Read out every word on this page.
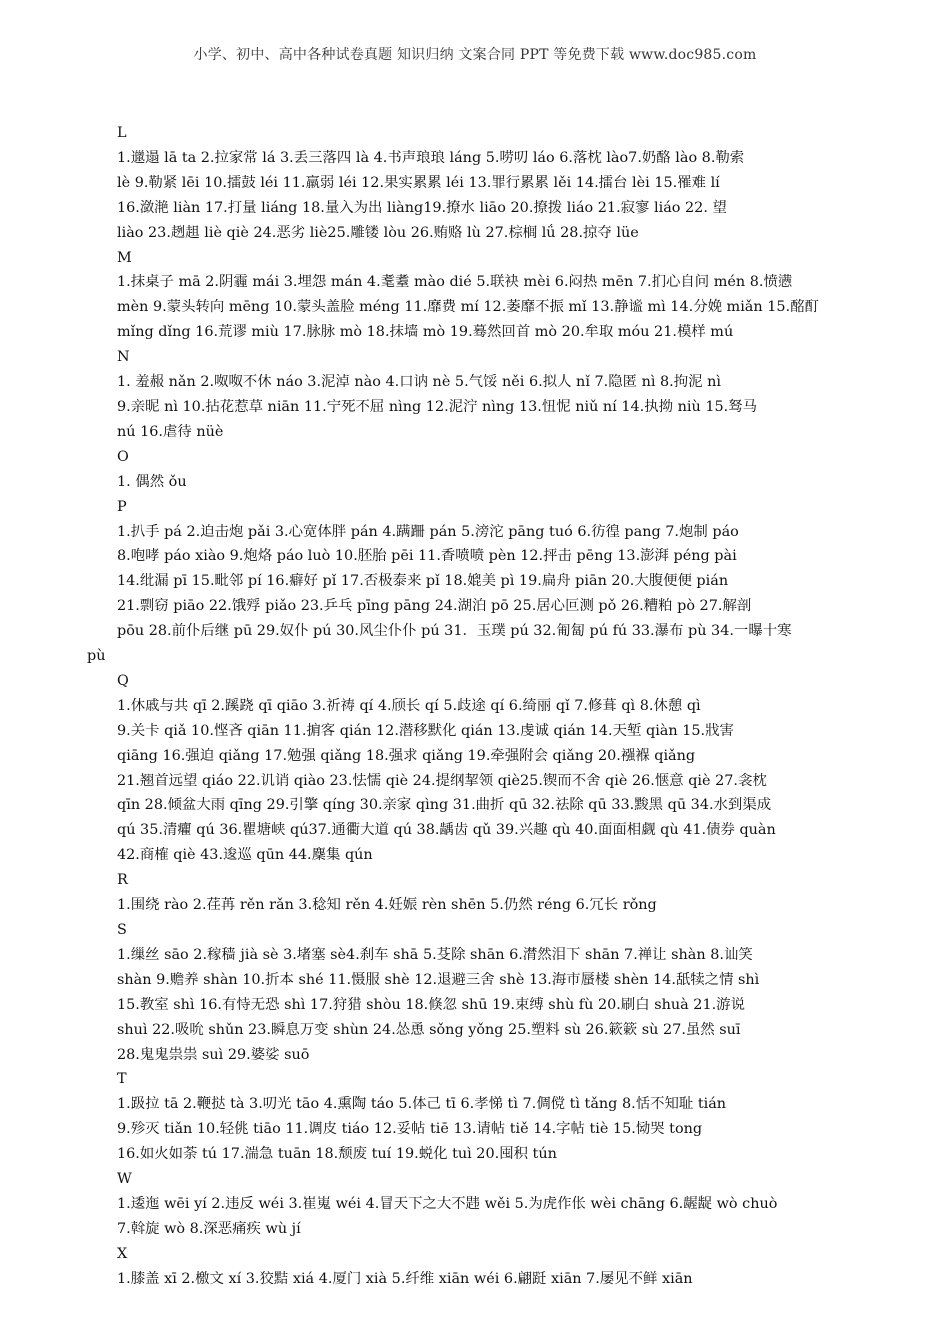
小学、初中、高中各种试卷真题 知识归纳 文案合同 PPT 等免费下载 www.doc985.com
L
1.邋遢 lā ta 2.拉家常 lá 3.丢三落四 là 4.书声琅琅 láng 5.唠叨 láo 6.落枕 lào7.奶酪 lào 8.勒索
lè 9.勒紧 lēi 10.擂鼓 léi 11.羸弱 léi 12.果实累累 léi 13.罪行累累 lěi 14.擂台 lèi 15.罹难 lí
16.潋滟 liàn 17.打量 liáng 18.量入为出 liàng19.撩水 liāo 20.撩拨 liáo 21.寂寥 liáo 22. 望
liào 23.趔趄 liè qiè 24.恶劣 liè25.雕镂 lòu 26.贿赂 lù 27.棕榈 lǘ 28.掠夺 lüe
M
1.抹桌子 mā 2.阴霾 mái 3.埋怨 mán 4.耄耋 mào dié 5.联袂 mèi 6.闷热 mēn 7.扪心自问 mén 8.愤懑
mèn 9.蒙头转向 mēng 10.蒙头盖脸 méng 11.靡费 mí 12.萎靡不振 mǐ 13.静谧 mì 14.分娩 miǎn 15.酩酊
mǐng dǐng 16.荒谬 miù 17.脉脉 mò 18.抹墙 mò 19.蓦然回首 mò 20.牟取 móu 21.模样 mú
N
1. 羞赧 nǎn 2.呶呶不休 náo 3.泥淖 nào 4.口讷 nè 5.气馁 něi 6.拟人 nǐ 7.隐匿 nì 8.拘泥 nì
9.亲昵 nì 10.拈花惹草 niān 11.宁死不屈 nìng 12.泥泞 nìng 13.忸怩 niǔ ní 14.执拗 niù 15.驽马
nú 16.虐待 nüè
O
1. 偶然 ǒu
P
1.扒手 pá 2.迫击炮 pǎi 3.心宽体胖 pán 4.蹒跚 pán 5.滂沱 pāng tuó 6.彷徨 pang 7.炮制 páo
8.咆哮 páo xiào 9.炮烙 páo luò 10.胚胎 pēi 11.香喷喷 pèn 12.抨击 pēng 13.澎湃 péng pài
14.纰漏 pī 15.毗邻 pí 16.癖好 pǐ 17.否极泰来 pǐ 18.媲美 pì 19.扁舟 piān 20.大腹便便 pián
21.剽窃 piāo 22.饿殍 piǎo 23.乒乓 pīng pāng 24.湖泊 pō 25.居心叵测 pǒ 26.糟粕 pò 27.解剖
pōu 28.前仆后继 pū 29.奴仆 pú 30.风尘仆仆 pú 31．玉璞 pú 32.匍匐 pú fú 33.瀑布 pù 34.一曝十寒
pù
Q
1.休戚与共 qī 2.蹊跷 qī qiāo 3.祈祷 qí 4.颀长 qí 5.歧途 qí 6.绮丽 qǐ 7.修葺 qì 8.休憩 qì
9.关卡 qiǎ 10.悭吝 qiān 11.掮客 qián 12.潜移默化 qián 13.虔诚 qián 14.天堑 qiàn 15.戕害
qiāng 16.强迫 qiǎng 17.勉强 qiǎng 18.强求 qiǎng 19.牵强附会 qiǎng 20.襁褓 qiǎng
21.翘首远望 qiáo 22.讥诮 qiào 23.怯懦 qiè 24.提纲挈领 qiè25.锲而不舍 qiè 26.惬意 qiè 27.衾枕
qīn 28.倾盆大雨 qīng 29.引擎 qíng 30.亲家 qìng 31.曲折 qū 32.祛除 qū 33.黢黑 qū 34.水到渠成
qú 35.清癯 qú 36.瞿塘峡 qú37.通衢大道 qú 38.龋齿 qǔ 39.兴趣 qù 40.面面相觑 qù 41.债券 quàn
42.商榷 qiè 43.逡巡 qūn 44.麇集 qún
R
1.围绕 rào 2.荏苒 rěn rǎn 3.稔知 rěn 4.妊娠 rèn shēn 5.仍然 réng 6.冗长 rǒng
S
1.缫丝 sāo 2.稼穑 jià sè 3.堵塞 sè4.刹车 shā 5.芟除 shān 6.潸然泪下 shān 7.禅让 shàn 8.讪笑
shàn 9.赡养 shàn 10.折本 shé 11.慑服 shè 12.退避三舍 shè 13.海市蜃楼 shèn 14.舐犊之情 shì
15.教室 shì 16.有恃无恐 shì 17.狩猎 shòu 18.倏忽 shū 19.束缚 shù fù 20.刷白 shuà 21.游说
shuì 22.吸吮 shǔn 23.瞬息万变 shùn 24.怂恿 sǒng yǒng 25.塑料 sù 26.簌簌 sù 27.虽然 suī
28.鬼鬼祟祟 suì 29.婆娑 suō
T
1.趿拉 tā 2.鞭挞 tà 3.叨光 tāo 4.熏陶 táo 5.体己 tī 6.孝悌 tì 7.倜傥 tì tǎng 8.恬不知耻 tián
9.殄灭 tiǎn 10.轻佻 tiāo 11.调皮 tiáo 12.妥帖 tiē 13.请帖 tiě 14.字帖 tiè 15.恸哭 tong
16.如火如荼 tú 17.湍急 tuān 18.颓废 tuí 19.蜕化 tuì 20.囤积 tún
W
1.逶迤 wēi yí 2.违反 wéi 3.崔嵬 wéi 4.冒天下之大不韪 wěi 5.为虎作伥 wèi chāng 6.龌龊 wò chuò
7.斡旋 wò 8.深恶痛疾 wù jí
X
1.膝盖 xī 2.檄文 xí 3.狡黠 xiá 4.厦门 xià 5.纤维 xiān wéi 6.翩跹 xiān 7.屡见不鲜 xiān
